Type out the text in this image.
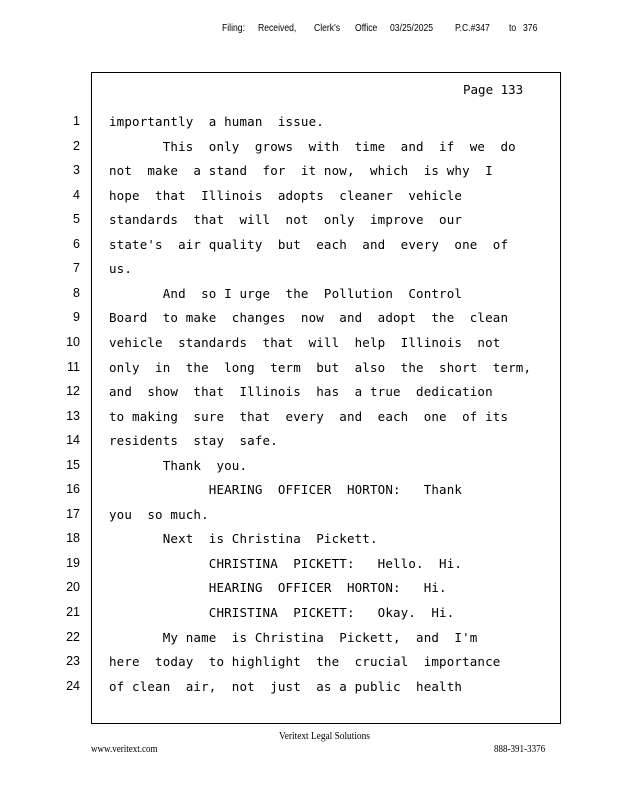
Filing: Received, Clerk's Office 03/25/2025 P.C.#347 to 376
Page 133
1 importantly  a human  issue.
2 This  only  grows  with  time  and  if  we  do
3 not  make  a stand  for  it now,  which  is why  I
4 hope  that  Illinois  adopts  cleaner  vehicle
5 standards  that  will  not  only  improve  our
6 state's  air quality  but  each  and  every  one  of
7 us.
8 And  so I urge  the  Pollution  Control
9 Board  to make  changes  now  and  adopt  the  clean
10 vehicle  standards  that  will  help  Illinois  not
11 only  in  the  long  term  but  also  the  short  term,
12 and  show  that  Illinois  has  a true  dedication
13 to making  sure  that  every  and  each  one  of its
14 residents  stay  safe.
15 Thank  you.
16 HEARING  OFFICER  HORTON:   Thank
17 you  so much.
18 Next  is Christina  Pickett.
19 CHRISTINA  PICKETT:   Hello.  Hi.
20 HEARING  OFFICER  HORTON:   Hi.
21 CHRISTINA  PICKETT:   Okay.  Hi.
22 My name  is Christina  Pickett,  and  I'm
23 here  today  to highlight  the  crucial  importance
24 of clean  air,  not  just  as a public  health
Veritext Legal Solutions
www.veritext.com	888-391-3376
